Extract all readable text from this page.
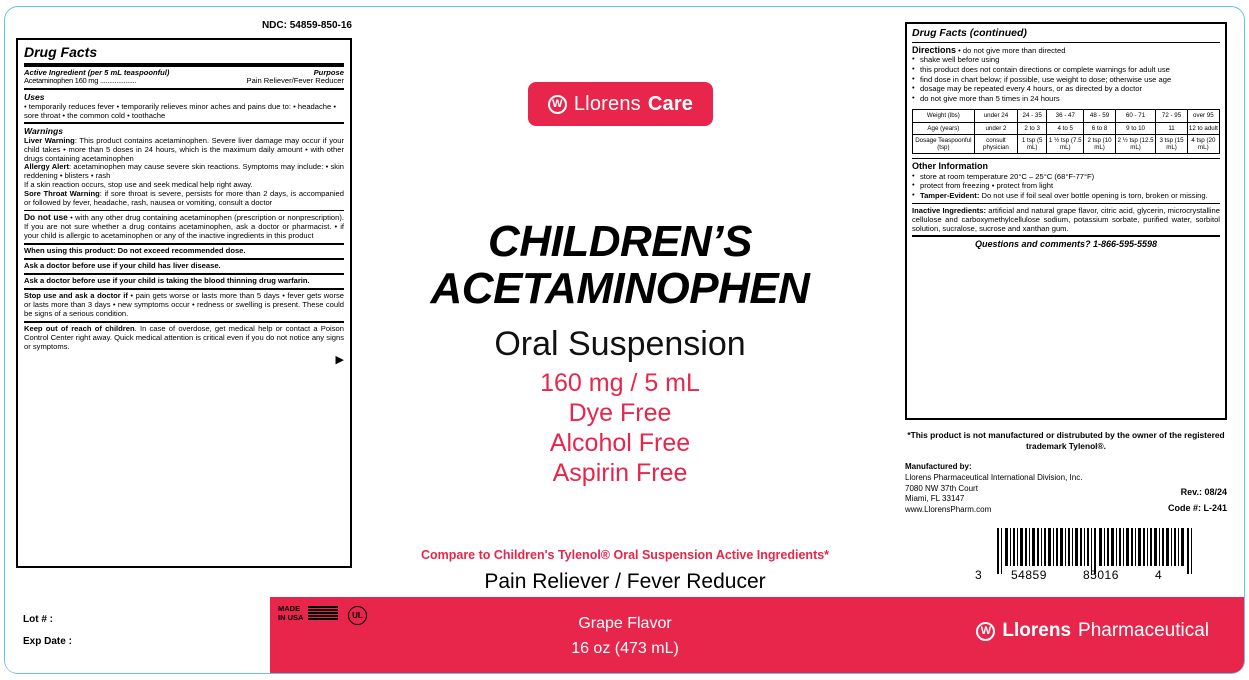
NDC: 54859-850-16
Drug Facts
Active Ingredient (per 5 mL teaspoonful)	Purpose
Acetaminophen 160 mg ....................	Pain Reliever/Fever Reducer
Uses
• temporarily reduces fever • temporarily relieves minor aches and pains due to: • headache • sore throat • the common cold • toothache
Warnings
Liver Warning: This product contains acetaminophen. Severe liver damage may occur if your child takes • more than 5 doses in 24 hours, which is the maximum daily amount • with other drugs containing acetaminophen
Allergy Alert: acetaminophen may cause severe skin reactions. Symptoms may include: • skin reddening • blisters • rash
If a skin reaction occurs, stop use and seek medical help right away.
Sore Throat Warning: if sore throat is severe, persists for more than 2 days, is accompanied or followed by fever, headache, rash, nausea or vomiting, consult a doctor
Do not use • with any other drug containing acetaminophen (prescription or nonprescription). If you are not sure whether a drug contains acetaminophen, ask a doctor or pharmacist. • if your child is allergic to acetaminophen or any of the inactive ingredients in this product
When using this product: Do not exceed recommended dose.
Ask a doctor before use if your child has liver disease.
Ask a doctor before use if your child is taking the blood thinning drug warfarin.
Stop use and ask a doctor if • pain gets worse or lasts more than 5 days • fever gets worse or lasts more than 3 days • new symptoms occur • redness or swelling is present. These could be signs of a serious condition.
Keep out of reach of children. In case of overdose, get medical help or contact a Poison Control Center right away. Quick medical attention is critical even if you do not notice any signs or symptoms.
▶
W Llorens Care
CHILDREN’S
ACETAMINOPHEN
Oral Suspension
160 mg / 5 mL
Dye Free
Alcohol Free
Aspirin Free
Compare to Children's Tylenol® Oral Suspension Active Ingredients*
Pain Reliever / Fever Reducer
Drug Facts (continued)
Directions • do not give more than directed
• shake well before using
• this product does not contain directions or complete warnings for adult use
• find dose in chart below; if possible, use weight to dose; otherwise use age
• dosage may be repeated every 4 hours, or as directed by a doctor
• do not give more than 5 times in 24 hours
Weight (lbs)	under 24	24 - 35	36 - 47	48 - 59	60 - 71	72 - 95	over 95
Age (years)	under 2	2 to 3	4 to 5	6 to 8	9 to 10	11	12 to adult
Dosage Teaspoonful (tsp)	consult physician	1 tsp (5 mL)	1 ½ tsp (7.5 mL)	2 tsp (10 mL)	2 ½ tsp (12.5 mL)	3 tsp (15 mL)	4 tsp (20 mL)
Other Information
• store at room temperature 20°C – 25°C (68°F-77°F)
• protect from freezing • protect from light
• Tamper-Evident: Do not use if foil seal over bottle opening is torn, broken or missing.
Inactive Ingredients: artificial and natural grape flavor, citric acid, glycerin, microcrystalline cellulose and carboxymethylcellulose sodium, potassium sorbate, purified water, sorbitol solution, sucralose, sucrose and xanthan gum.
Questions and comments? 1-866-595-5598
*This product is not manufactured or distrubuted by the owner of the registered trademark Tylenol®.
Manufactured by:
Llorens Pharmaceutical International Division, Inc.
7080 NW 37th Court
Miami, FL 33147
www.LlorensPharm.com
Rev.: 08/24
Code #: L-241
3 54859	85016	4
Lot # :
Exp Date :
MADE
IN USA	UL	Grape Flavor
16 oz (473 mL)
W Llorens Pharmaceutical
